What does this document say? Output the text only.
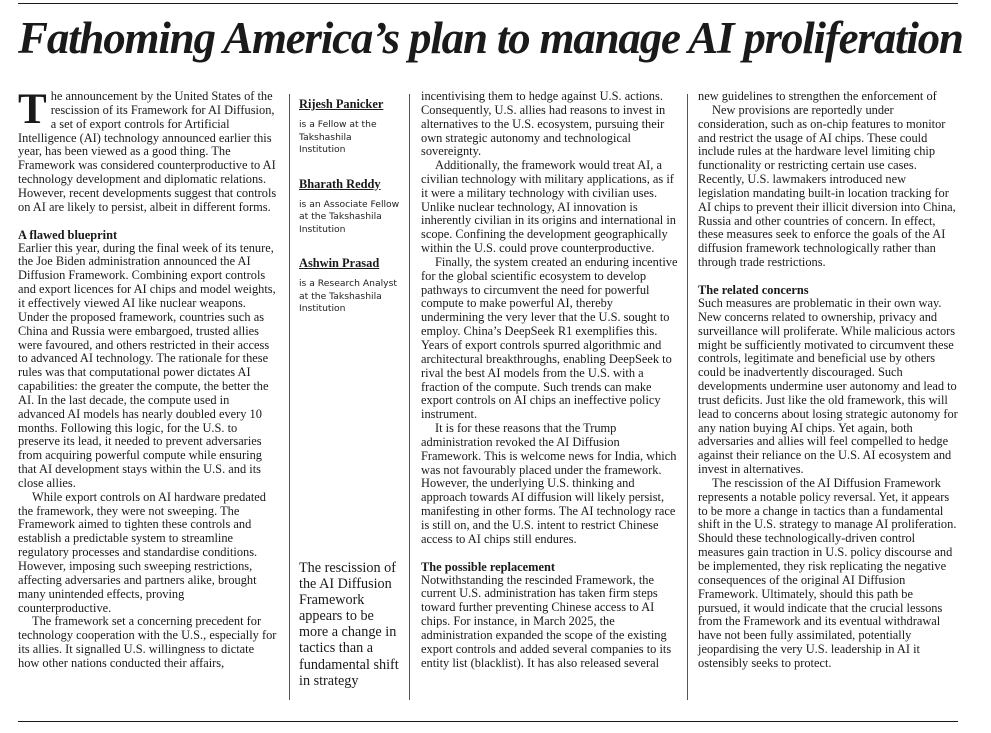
Fathoming America’s plan to manage AI proliferation

The announcement by the United States of the rescission of its Framework for AI Diffusion, a set of export controls for Artificial Intelligence (AI) technology announced earlier this year, has been viewed as a good thing. The Framework was considered counterproductive to AI technology development and diplomatic relations. However, recent developments suggest that controls on AI are likely to persist, albeit in different forms.

A flawed blueprint

Earlier this year, during the final week of its tenure, the Joe Biden administration announced the AI Diffusion Framework. Combining export controls and export licences for AI chips and model weights, it effectively viewed AI like nuclear weapons. Under the proposed framework, countries such as China and Russia were embargoed, trusted allies were favoured, and others restricted in their access to advanced AI technology. The rationale for these rules was that computational power dictates AI capabilities: the greater the compute, the better the AI. In the last decade, the compute used in advanced AI models has nearly doubled every 10 months. Following this logic, for the U.S. to preserve its lead, it needed to prevent adversaries from acquiring powerful compute while ensuring that AI development stays within the U.S. and its close allies.

While export controls on AI hardware predated the framework, they were not sweeping. The Framework aimed to tighten these controls and establish a predictable system to streamline regulatory processes and standardise conditions. However, imposing such sweeping restrictions, affecting adversaries and partners alike, brought many unintended effects, proving counterproductive.

The framework set a concerning precedent for technology cooperation with the U.S., especially for its allies. It signalled U.S. willingness to dictate how other nations conducted their affairs,

Rijesh Panicker
is a Fellow at the Takshashila Institution
Bharath Reddy
is an Associate Fellow at the Takshashila Institution
Ashwin Prasad
is a Research Analyst at the Takshashila Institution
The rescission of the AI Diffusion Framework appears to be more a change in tactics than a fundamental shift in strategy

incentivising them to hedge against U.S. actions. Consequently, U.S. allies had reasons to invest in alternatives to the U.S. ecosystem, pursuing their own strategic autonomy and technological sovereignty.

Additionally, the framework would treat AI, a civilian technology with military applications, as if it were a military technology with civilian uses. Unlike nuclear technology, AI innovation is inherently civilian in its origins and international in scope. Confining the development geographically within the U.S. could prove counterproductive.

Finally, the system created an enduring incentive for the global scientific ecosystem to develop pathways to circumvent the need for powerful compute to make powerful AI, thereby undermining the very lever that the U.S. sought to employ. China’s DeepSeek R1 exemplifies this. Years of export controls spurred algorithmic and architectural breakthroughs, enabling DeepSeek to rival the best AI models from the U.S. with a fraction of the compute. Such trends can make export controls on AI chips an ineffective policy instrument.

It is for these reasons that the Trump administration revoked the AI Diffusion Framework. This is welcome news for India, which was not favourably placed under the framework. However, the underlying U.S. thinking and approach towards AI diffusion will likely persist, manifesting in other forms. The AI technology race is still on, and the U.S. intent to restrict Chinese access to AI chips still endures.

The possible replacement

Notwithstanding the rescinded Framework, the current U.S. administration has taken firm steps toward further preventing Chinese access to AI chips. For instance, in March 2025, the administration expanded the scope of the existing export controls and added several companies to its entity list (blacklist). It has also released several

new guidelines to strengthen the enforcement of

New provisions are reportedly under consideration, such as on-chip features to monitor and restrict the usage of AI chips. These could include rules at the hardware level limiting chip functionality or restricting certain use cases. Recently, U.S. lawmakers introduced new legislation mandating built-in location tracking for AI chips to prevent their illicit diversion into China, Russia and other countries of concern. In effect, these measures seek to enforce the goals of the AI diffusion framework technologically rather than through trade restrictions.

The related concerns

Such measures are problematic in their own way. New concerns related to ownership, privacy and surveillance will proliferate. While malicious actors might be sufficiently motivated to circumvent these controls, legitimate and beneficial use by others could be inadvertently discouraged. Such developments undermine user autonomy and lead to trust deficits. Just like the old framework, this will lead to concerns about losing strategic autonomy for any nation buying AI chips. Yet again, both adversaries and allies will feel compelled to hedge against their reliance on the U.S. AI ecosystem and invest in alternatives.

The rescission of the AI Diffusion Framework represents a notable policy reversal. Yet, it appears to be more a change in tactics than a fundamental shift in the U.S. strategy to manage AI proliferation. Should these technologically-driven control measures gain traction in U.S. policy discourse and be implemented, they risk replicating the negative consequences of the original AI Diffusion Framework. Ultimately, should this path be pursued, it would indicate that the crucial lessons from the Framework and its eventual withdrawal have not been fully assimilated, potentially jeopardising the very U.S. leadership in AI it ostensibly seeks to protect.
